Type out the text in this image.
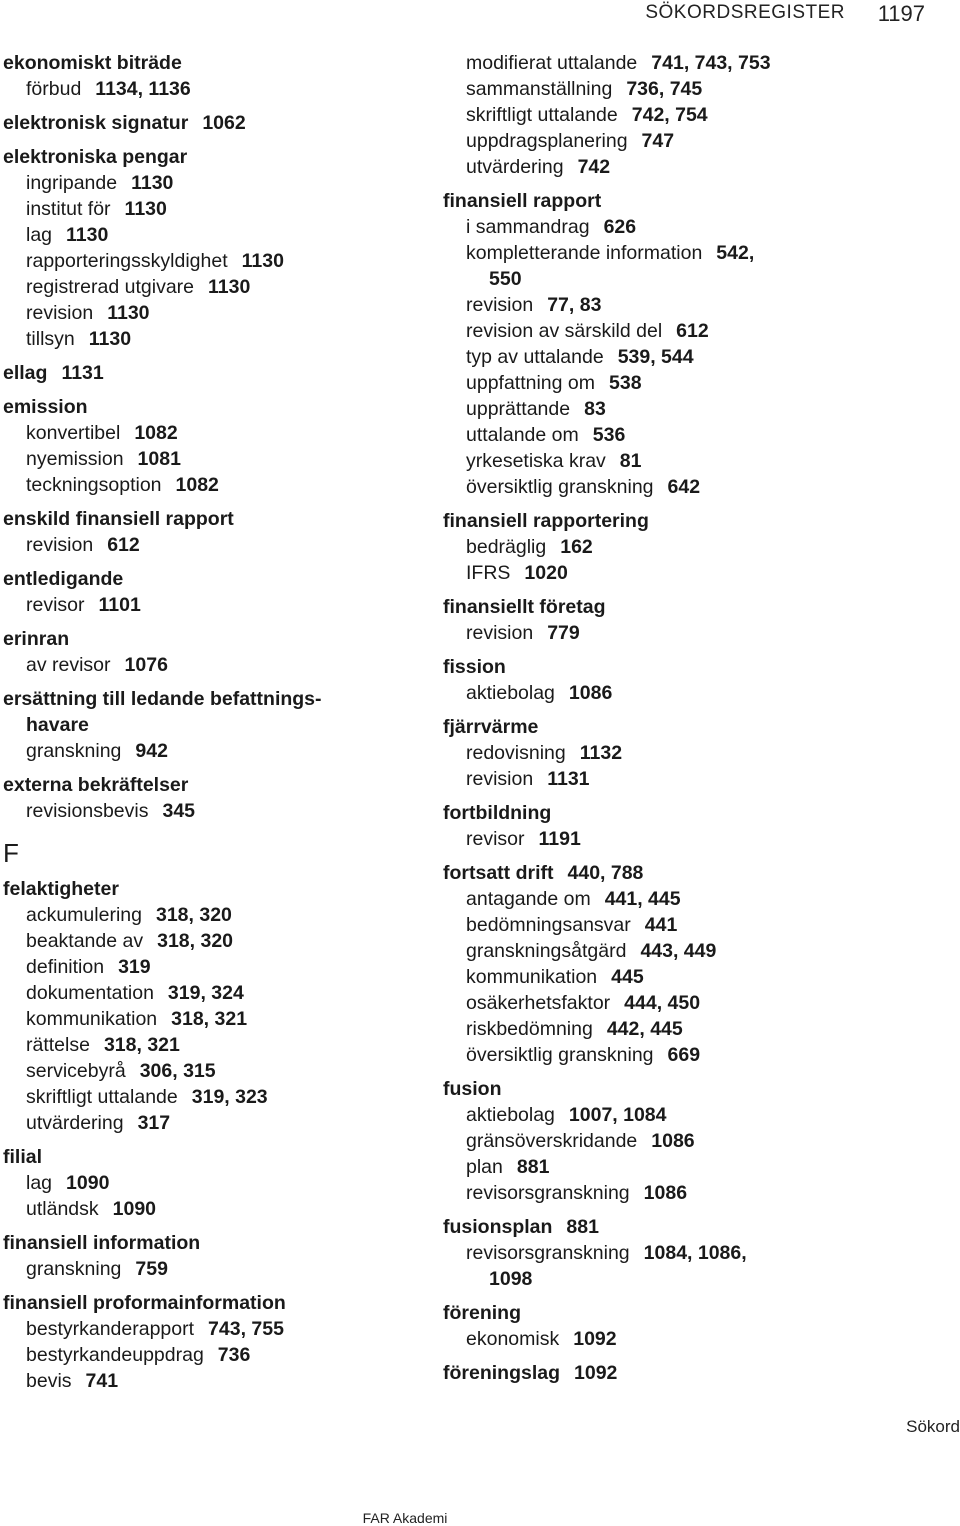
SÖKORDSREGISTER 1197
ekonomiskt biträde
förbud 1134, 1136
elektronisk signatur 1062
elektroniska pengar
ingripande 1130
institut för 1130
lag 1130
rapporteringsskyldighet 1130
registrerad utgivare 1130
revision 1130
tillsyn 1130
ellag 1131
emission
konvertibel 1082
nyemission 1081
teckningsoption 1082
enskild finansiell rapport
revision 612
entledigande
revisor 1101
erinran
av revisor 1076
ersättning till ledande befattnings-
havare
granskning 942
externa bekräftelser
revisionsbevis 345
F
felaktigheter
ackumulering 318, 320
beaktande av 318, 320
definition 319
dokumentation 319, 324
kommunikation 318, 321
rättelse 318, 321
servicebyrå 306, 315
skriftligt uttalande 319, 323
utvärdering 317
filial
lag 1090
utländsk 1090
finansiell information
granskning 759
finansiell proformainformation
bestyrkanderapport 743, 755
bestyrkandeuppdrag 736
bevis 741
modifierat uttalande 741, 743, 753
sammanställning 736, 745
skriftligt uttalande 742, 754
uppdragsplanering 747
utvärdering 742
finansiell rapport
i sammandrag 626
kompletterande information 542,
550
revision 77, 83
revision av särskild del 612
typ av uttalande 539, 544
uppfattning om 538
upprättande 83
uttalande om 536
yrkesetiska krav 81
översiktlig granskning 642
finansiell rapportering
bedräglig 162
IFRS 1020
finansiellt företag
revision 779
fission
aktiebolag 1086
fjärrvärme
redovisning 1132
revision 1131
fortbildning
revisor 1191
fortsatt drift 440, 788
antagande om 441, 445
bedömningsansvar 441
granskningsåtgärd 443, 449
kommunikation 445
osäkerhetsfaktor 444, 450
riskbedömning 442, 445
översiktlig granskning 669
fusion
aktiebolag 1007, 1084
gränsöverskridande 1086
plan 881
revisorsgranskning 1086
fusionsplan 881
revisorsgranskning 1084, 1086,
1098
förening
ekonomisk 1092
föreningslag 1092
Sökord
FAR Akademi
